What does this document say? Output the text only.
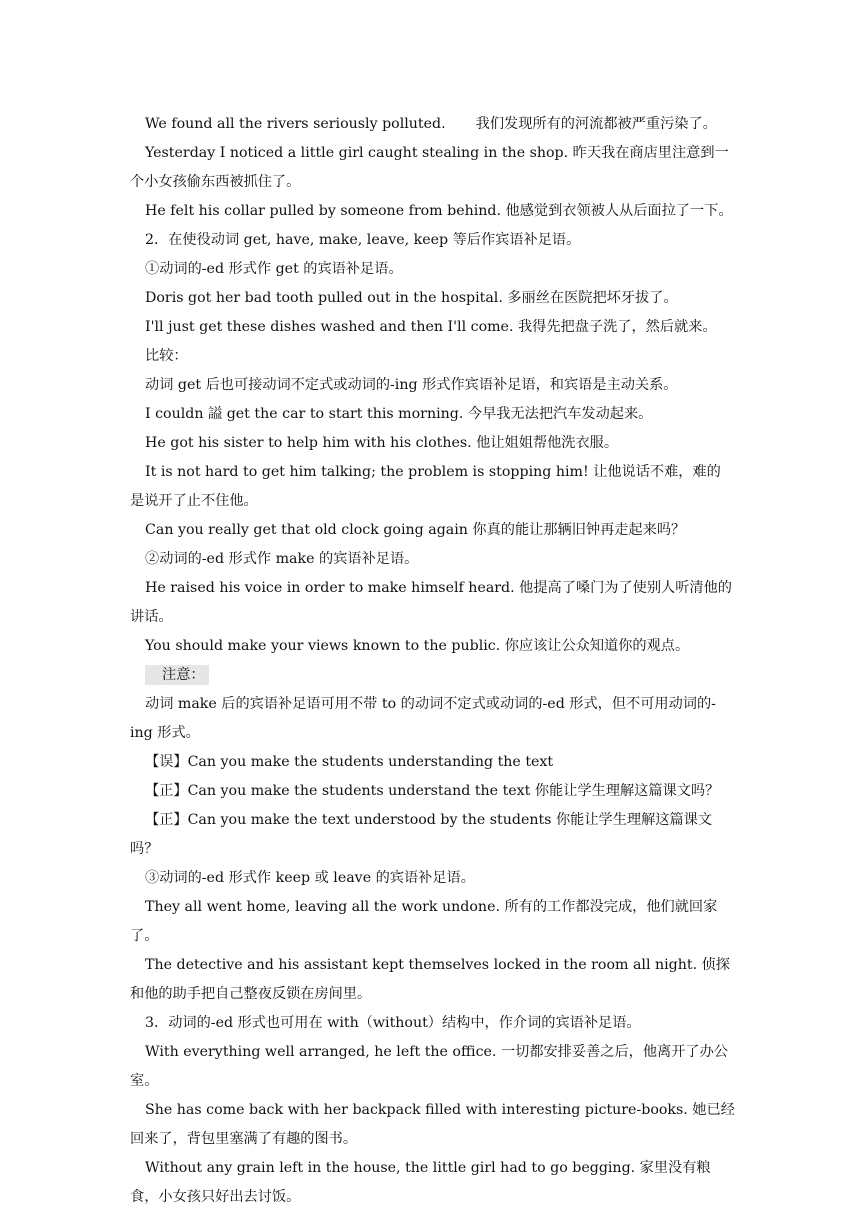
We found all the rivers seriously polluted. 我们发现所有的河流都被严重污染了。

Yesterday I noticed a little girl caught stealing in the shop. 昨天我在商店里注意到一个小女孩偷东西被抓住了。

He felt his collar pulled by someone from behind. 他感觉到衣领被人从后面拉了一下。

2．在使役动词 get, have, make, leave, keep 等后作宾语补足语。

①动词的-ed 形式作 get 的宾语补足语。

Doris got her bad tooth pulled out in the hospital. 多丽丝在医院把坏牙拔了。

I'll just get these dishes washed and then I'll come. 我得先把盘子洗了，然后就来。

比较：

动词 get 后也可接动词不定式或动词的-ing 形式作宾语补足语，和宾语是主动关系。

I couldn 謚 get the car to start this morning. 今早我无法把汽车发动起来。

He got his sister to help him with his clothes. 他让姐姐帮他洗衣服。

It is not hard to get him talking; the problem is stopping him! 让他说话不难，难的是说开了止不住他。

Can you really get that old clock going again 你真的能让那辆旧钟再走起来吗？

②动词的-ed 形式作 make 的宾语补足语。

He raised his voice in order to make himself heard. 他提高了嗓门为了使别人听清他的讲话。

You should make your views known to the public. 你应该让公众知道你的观点。

注意：

动词 make 后的宾语补足语可用不带 to 的动词不定式或动词的-ed 形式，但不可用动词的-ing 形式。

【误】Can you make the students understanding the text

【正】Can you make the students understand the text 你能让学生理解这篇课文吗？

【正】Can you make the text understood by the students 你能让学生理解这篇课文吗？

③动词的-ed 形式作 keep 或 leave 的宾语补足语。

They all went home, leaving all the work undone. 所有的工作都没完成，他们就回家了。

The detective and his assistant kept themselves locked in the room all night. 侦探和他的助手把自己整夜反锁在房间里。

3．动词的-ed 形式也可用在 with（without）结构中，作介词的宾语补足语。

With everything well arranged, he left the office. 一切都安排妥善之后，他离开了办公室。

She has come back with her backpack filled with interesting picture-books. 她已经回来了，背包里塞满了有趣的图书。

Without any grain left in the house, the little girl had to go begging. 家里没有粮食，小女孩只好出去讨饭。
